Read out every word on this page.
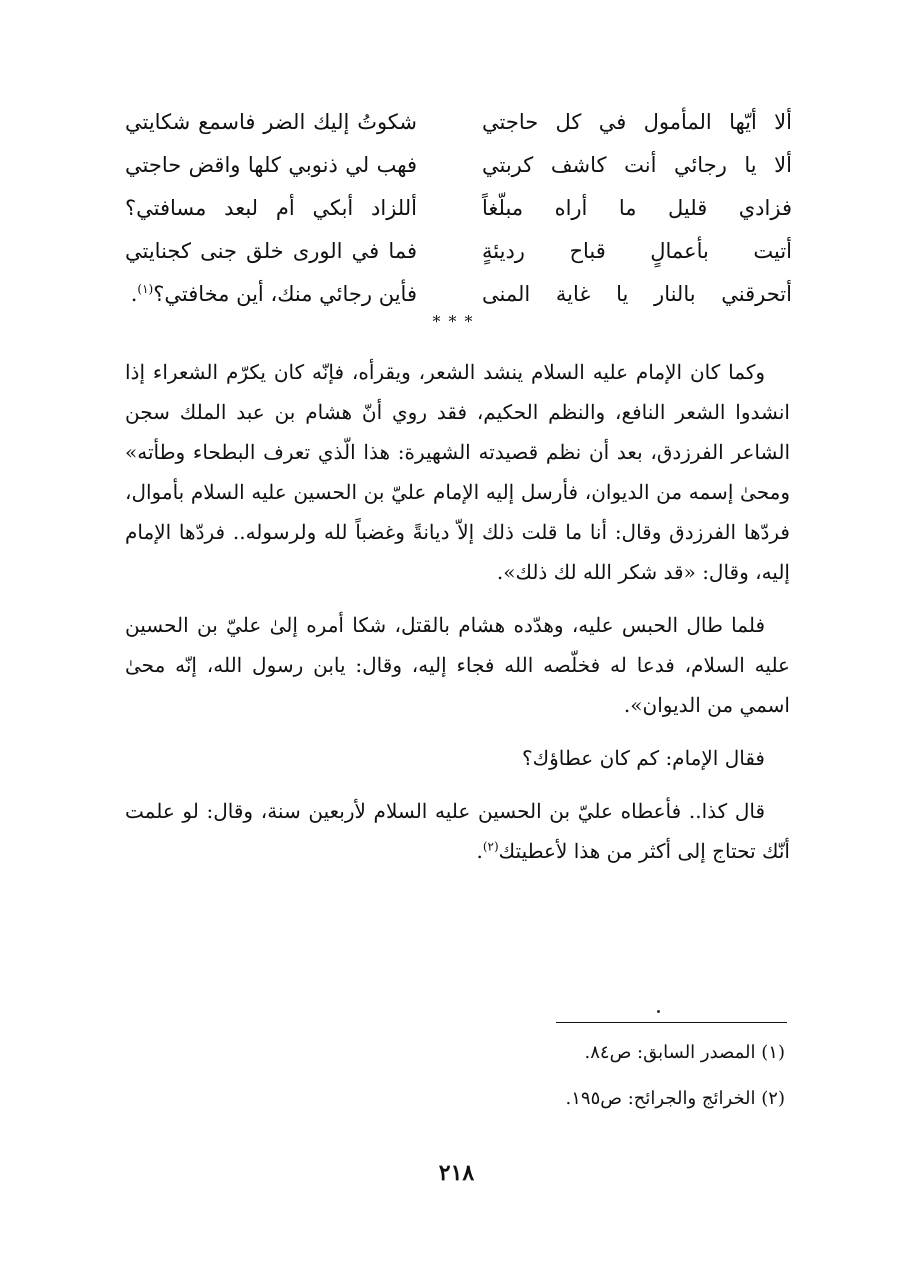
ألا أيّها المأمول في كل حاجتي
شكوتُ إليك الضر فاسمع شكايتي
ألا يا رجائي أنت كاشف كربتي
فهب لي ذنوبي كلها واقض حاجتي
فزادي قليل ما أراه مبلّغاً
أللزاد أبكي أم لبعد مسافتي؟
أتيت بأعمالٍ قباح رديئةٍ
فما في الورى خلق جنى كجنايتي
أتحرقني بالنار يا غاية المنى
فأين رجائي منك، أين مخافتي؟$^{(١)}$.
***

وكما كان الإمام عليه السلام ينشد الشعر، ويقرأه، فإنّه كان يكرّم الشعراء إذا انشدوا الشعر النافع، والنظم الحكيم، فقد روي أنّ هشام بن عبد الملك سجن الشاعر الفرزدق، بعد أن نظم قصيدته الشهيرة: هذا الّذي تعرف البطحاء وطأته» ومحىٰ إسمه من الديوان، فأرسل إليه الإمام عليّ بن الحسين عليه السلام بأموال، فردّها الفرزدق وقال: أنا ما قلت ذلك إلاّ ديانةً وغضباً لله ولرسوله.. فردّها الإمام إليه، وقال: «قد شكر الله لك ذلك».

فلما طال الحبس عليه، وهدّده هشام بالقتل، شكا أمره إلىٰ عليّ بن الحسين عليه السلام، فدعا له فخلّصه الله فجاء إليه، وقال: يابن رسول الله، إنّه محىٰ اسمي من الديوان».

فقال الإمام: كم كان عطاؤك؟

قال كذا.. فأعطاه عليّ بن الحسين عليه السلام لأربعين سنة، وقال: لو علمت أنّك تحتاج إلى أكثر من هذا لأعطيتك$^{(٢)}$.

(١) المصدر السابق: ص٨٤.
(٢) الخرائج والجرائح: ص١٩٥.
٢١٨
